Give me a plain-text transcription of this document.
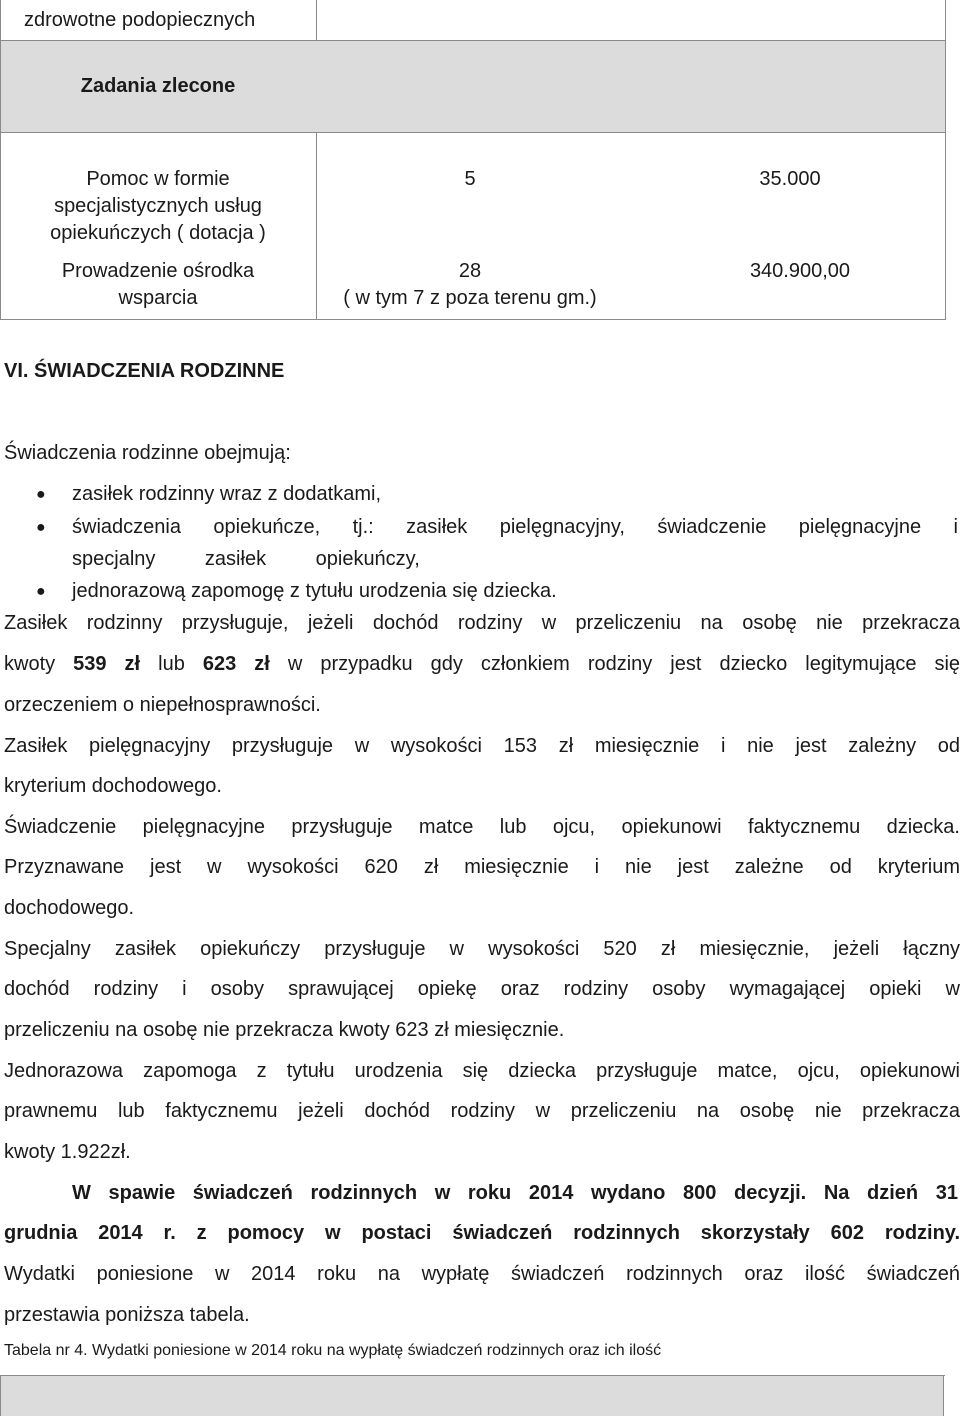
zdrowotne podopiecznych
Zadania zlecone
Pomoc w formie
specjalistycznych usług
opiekuńczych ( dotacja )
5	35.000
Prowadzenie ośrodka
wsparcia
28
( w tym 7 z poza terenu gm.)
340.900,00
VI. ŚWIADCZENIA RODZINNE
Świadczenia rodzinne obejmują:
● zasiłek rodzinny wraz z dodatkami,
● świadczenia opiekuńcze, tj.: zasiłek pielęgnacyjny, świadczenie pielęgnacyjne i
specjalny zasiłek opiekuńczy,
● jednorazową zapomogę z tytułu urodzenia się dziecka.
Zasiłek rodzinny przysługuje, jeżeli dochód rodziny w przeliczeniu na osobę nie przekracza
kwoty 539 zł lub 623 zł w przypadku gdy członkiem rodziny jest dziecko legitymujące się
orzeczeniem o niepełnosprawności.
Zasiłek pielęgnacyjny przysługuje w wysokości 153 zł miesięcznie i nie jest zależny od
kryterium dochodowego.
Świadczenie pielęgnacyjne przysługuje matce lub ojcu, opiekunowi faktycznemu dziecka.
Przyznawane jest w wysokości 620 zł miesięcznie i nie jest zależne od kryterium
dochodowego.
Specjalny zasiłek opiekuńczy przysługuje w wysokości 520 zł miesięcznie, jeżeli łączny
dochód rodziny i osoby sprawującej opiekę oraz rodziny osoby wymagającej opieki w
przeliczeniu na osobę nie przekracza kwoty 623 zł miesięcznie.
Jednorazowa zapomoga z tytułu urodzenia się dziecka przysługuje matce, ojcu, opiekunowi
prawnemu lub faktycznemu jeżeli dochód rodziny w przeliczeniu na osobę nie przekracza
kwoty 1.922zł.
W spawie świadczeń rodzinnych w roku 2014 wydano 800 decyzji. Na dzień 31
grudnia 2014 r. z pomocy w postaci świadczeń rodzinnych skorzystały 602 rodziny.
Wydatki poniesione w 2014 roku na wypłatę świadczeń rodzinnych oraz ilość świadczeń
przestawia poniższa tabela.
Tabela nr 4. Wydatki poniesione w 2014 roku na wypłatę świadczeń rodzinnych oraz ich ilość
